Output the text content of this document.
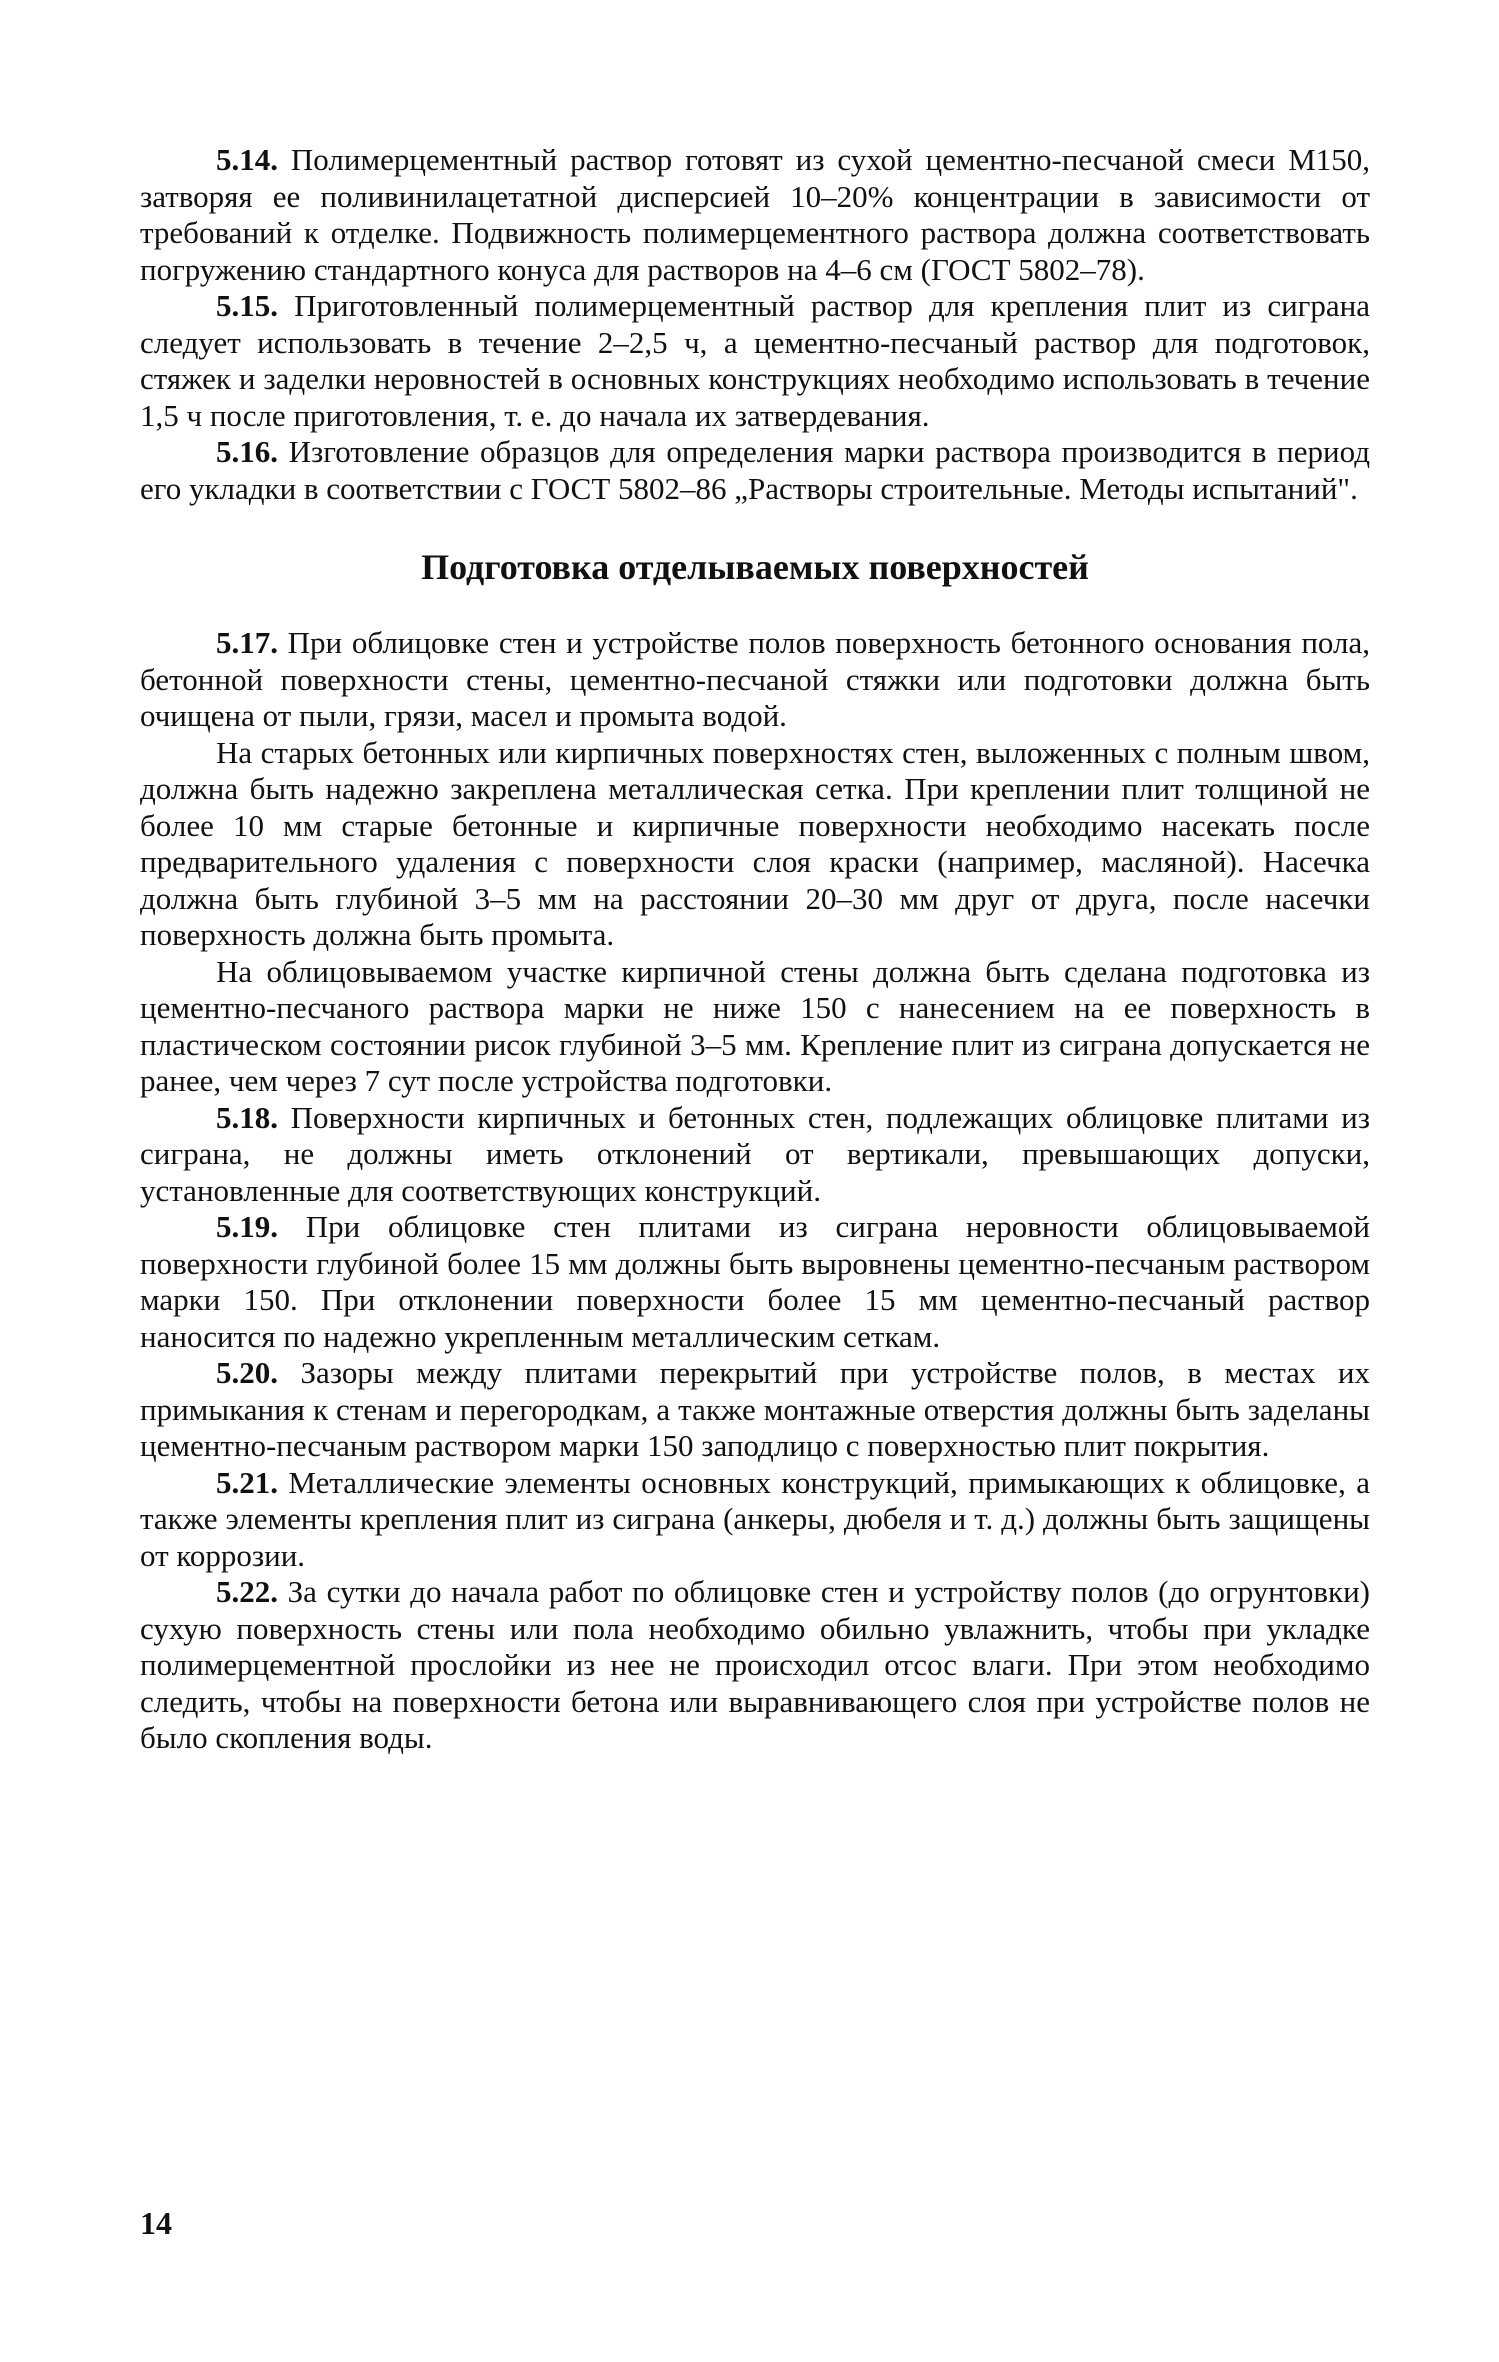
5.14. Полимерцементный раствор готовят из сухой цементно-песчаной смеси М150, затворяя ее поливинилацетатной дисперсией 10–20% концентрации в зависимости от требований к отделке. Подвижность полимерцементного раствора должна соответствовать погружению стандартного конуса для растворов на 4–6 см (ГОСТ 5802–78).

5.15. Приготовленный полимерцементный раствор для крепления плит из сиграна следует использовать в течение 2–2,5 ч, а цементно-песчаный раствор для подготовок, стяжек и заделки неровностей в основных конструкциях необходимо использовать в течение 1,5 ч после приготовления, т. е. до начала их затвердевания.

5.16. Изготовление образцов для определения марки раствора производится в период его укладки в соответствии с ГОСТ 5802–86 „Растворы строительные. Методы испытаний".

Подготовка отделываемых поверхностей

5.17. При облицовке стен и устройстве полов поверхность бетонного основания пола, бетонной поверхности стены, цементно-песчаной стяжки или подготовки должна быть очищена от пыли, грязи, масел и промыта водой.

На старых бетонных или кирпичных поверхностях стен, выложенных с полным швом, должна быть надежно закреплена металлическая сетка. При креплении плит толщиной не более 10 мм старые бетонные и кирпичные поверхности необходимо насекать после предварительного удаления с поверхности слоя краски (например, масляной). Насечка должна быть глубиной 3–5 мм на расстоянии 20–30 мм друг от друга, после насечки поверхность должна быть промыта.

На облицовываемом участке кирпичной стены должна быть сделана подготовка из цементно-песчаного раствора марки не ниже 150 с нанесением на ее поверхность в пластическом состоянии рисок глубиной 3–5 мм. Крепление плит из сиграна допускается не ранее, чем через 7 сут после устройства подготовки.

5.18. Поверхности кирпичных и бетонных стен, подлежащих облицовке плитами из сиграна, не должны иметь отклонений от вертикали, превышающих допуски, установленные для соответствующих конструкций.

5.19. При облицовке стен плитами из сиграна неровности облицовываемой поверхности глубиной более 15 мм должны быть выровнены цементно-песчаным раствором марки 150. При отклонении поверхности более 15 мм цементно-песчаный раствор наносится по надежно укрепленным металлическим сеткам.

5.20. Зазоры между плитами перекрытий при устройстве полов, в местах их примыкания к стенам и перегородкам, а также монтажные отверстия должны быть заделаны цементно-песчаным раствором марки 150 заподлицо с поверхностью плит покрытия.

5.21. Металлические элементы основных конструкций, примыкающих к облицовке, а также элементы крепления плит из сиграна (анкеры, дюбеля и т. д.) должны быть защищены от коррозии.

5.22. За сутки до начала работ по облицовке стен и устройству полов (до огрунтовки) сухую поверхность стены или пола необходимо обильно увлажнить, чтобы при укладке полимерцементной прослойки из нее не происходил отсос влаги. При этом необходимо следить, чтобы на поверхности бетона или выравнивающего слоя при устройстве полов не было скопления воды.

14
